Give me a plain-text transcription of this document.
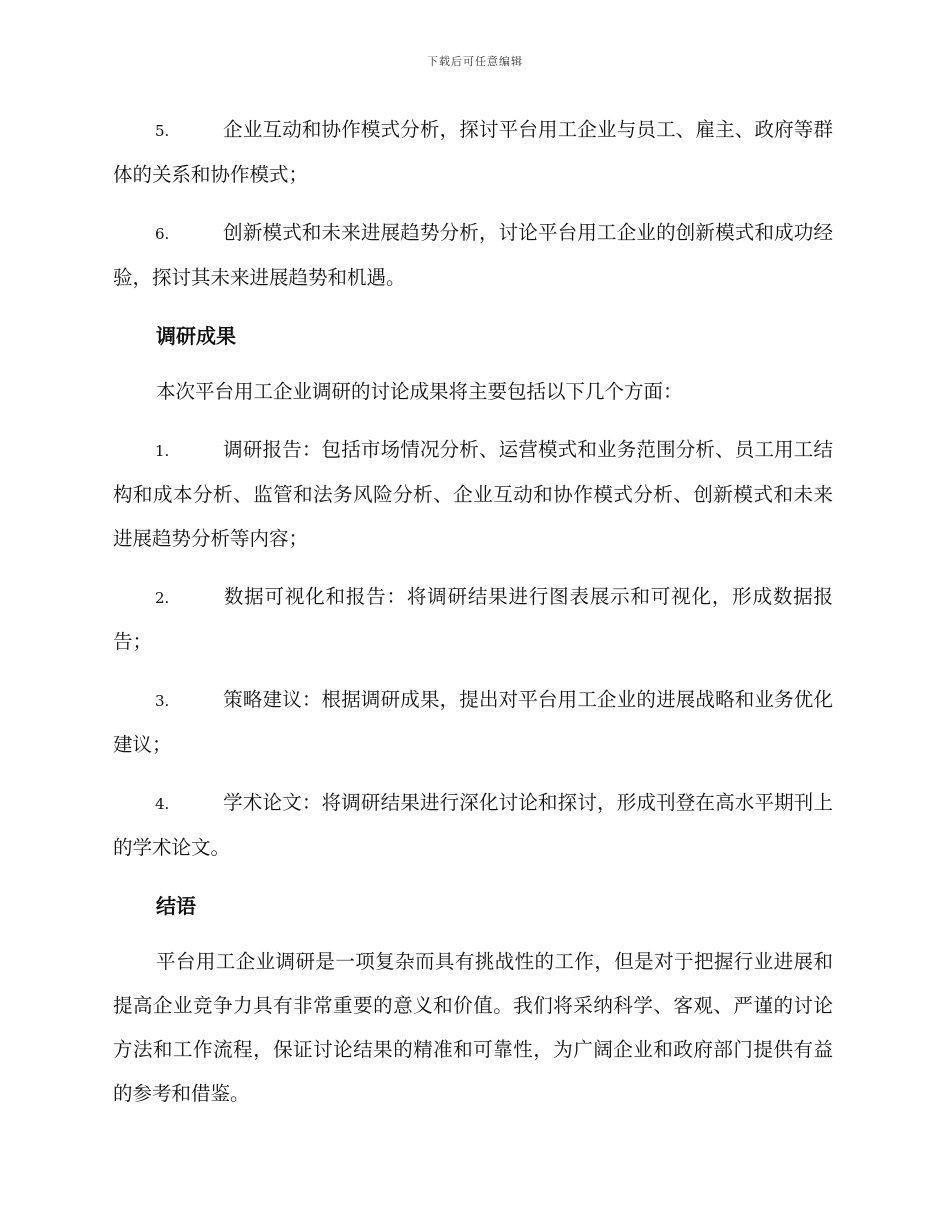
下载后可任意编辑
5.	企业互动和协作模式分析，探讨平台用工企业与员工、雇主、政府等群体的关系和协作模式；
6.	创新模式和未来进展趋势分析，讨论平台用工企业的创新模式和成功经验，探讨其未来进展趋势和机遇。
调研成果
本次平台用工企业调研的讨论成果将主要包括以下几个方面：
1.	调研报告：包括市场情况分析、运营模式和业务范围分析、员工用工结构和成本分析、监管和法务风险分析、企业互动和协作模式分析、创新模式和未来进展趋势分析等内容；
2.	数据可视化和报告：将调研结果进行图表展示和可视化，形成数据报告；
3.	策略建议：根据调研成果，提出对平台用工企业的进展战略和业务优化建议；
4.	学术论文：将调研结果进行深化讨论和探讨，形成刊登在高水平期刊上的学术论文。
结语
平台用工企业调研是一项复杂而具有挑战性的工作，但是对于把握行业进展和提高企业竞争力具有非常重要的意义和价值。我们将采纳科学、客观、严谨的讨论方法和工作流程，保证讨论结果的精准和可靠性，为广阔企业和政府部门提供有益的参考和借鉴。
